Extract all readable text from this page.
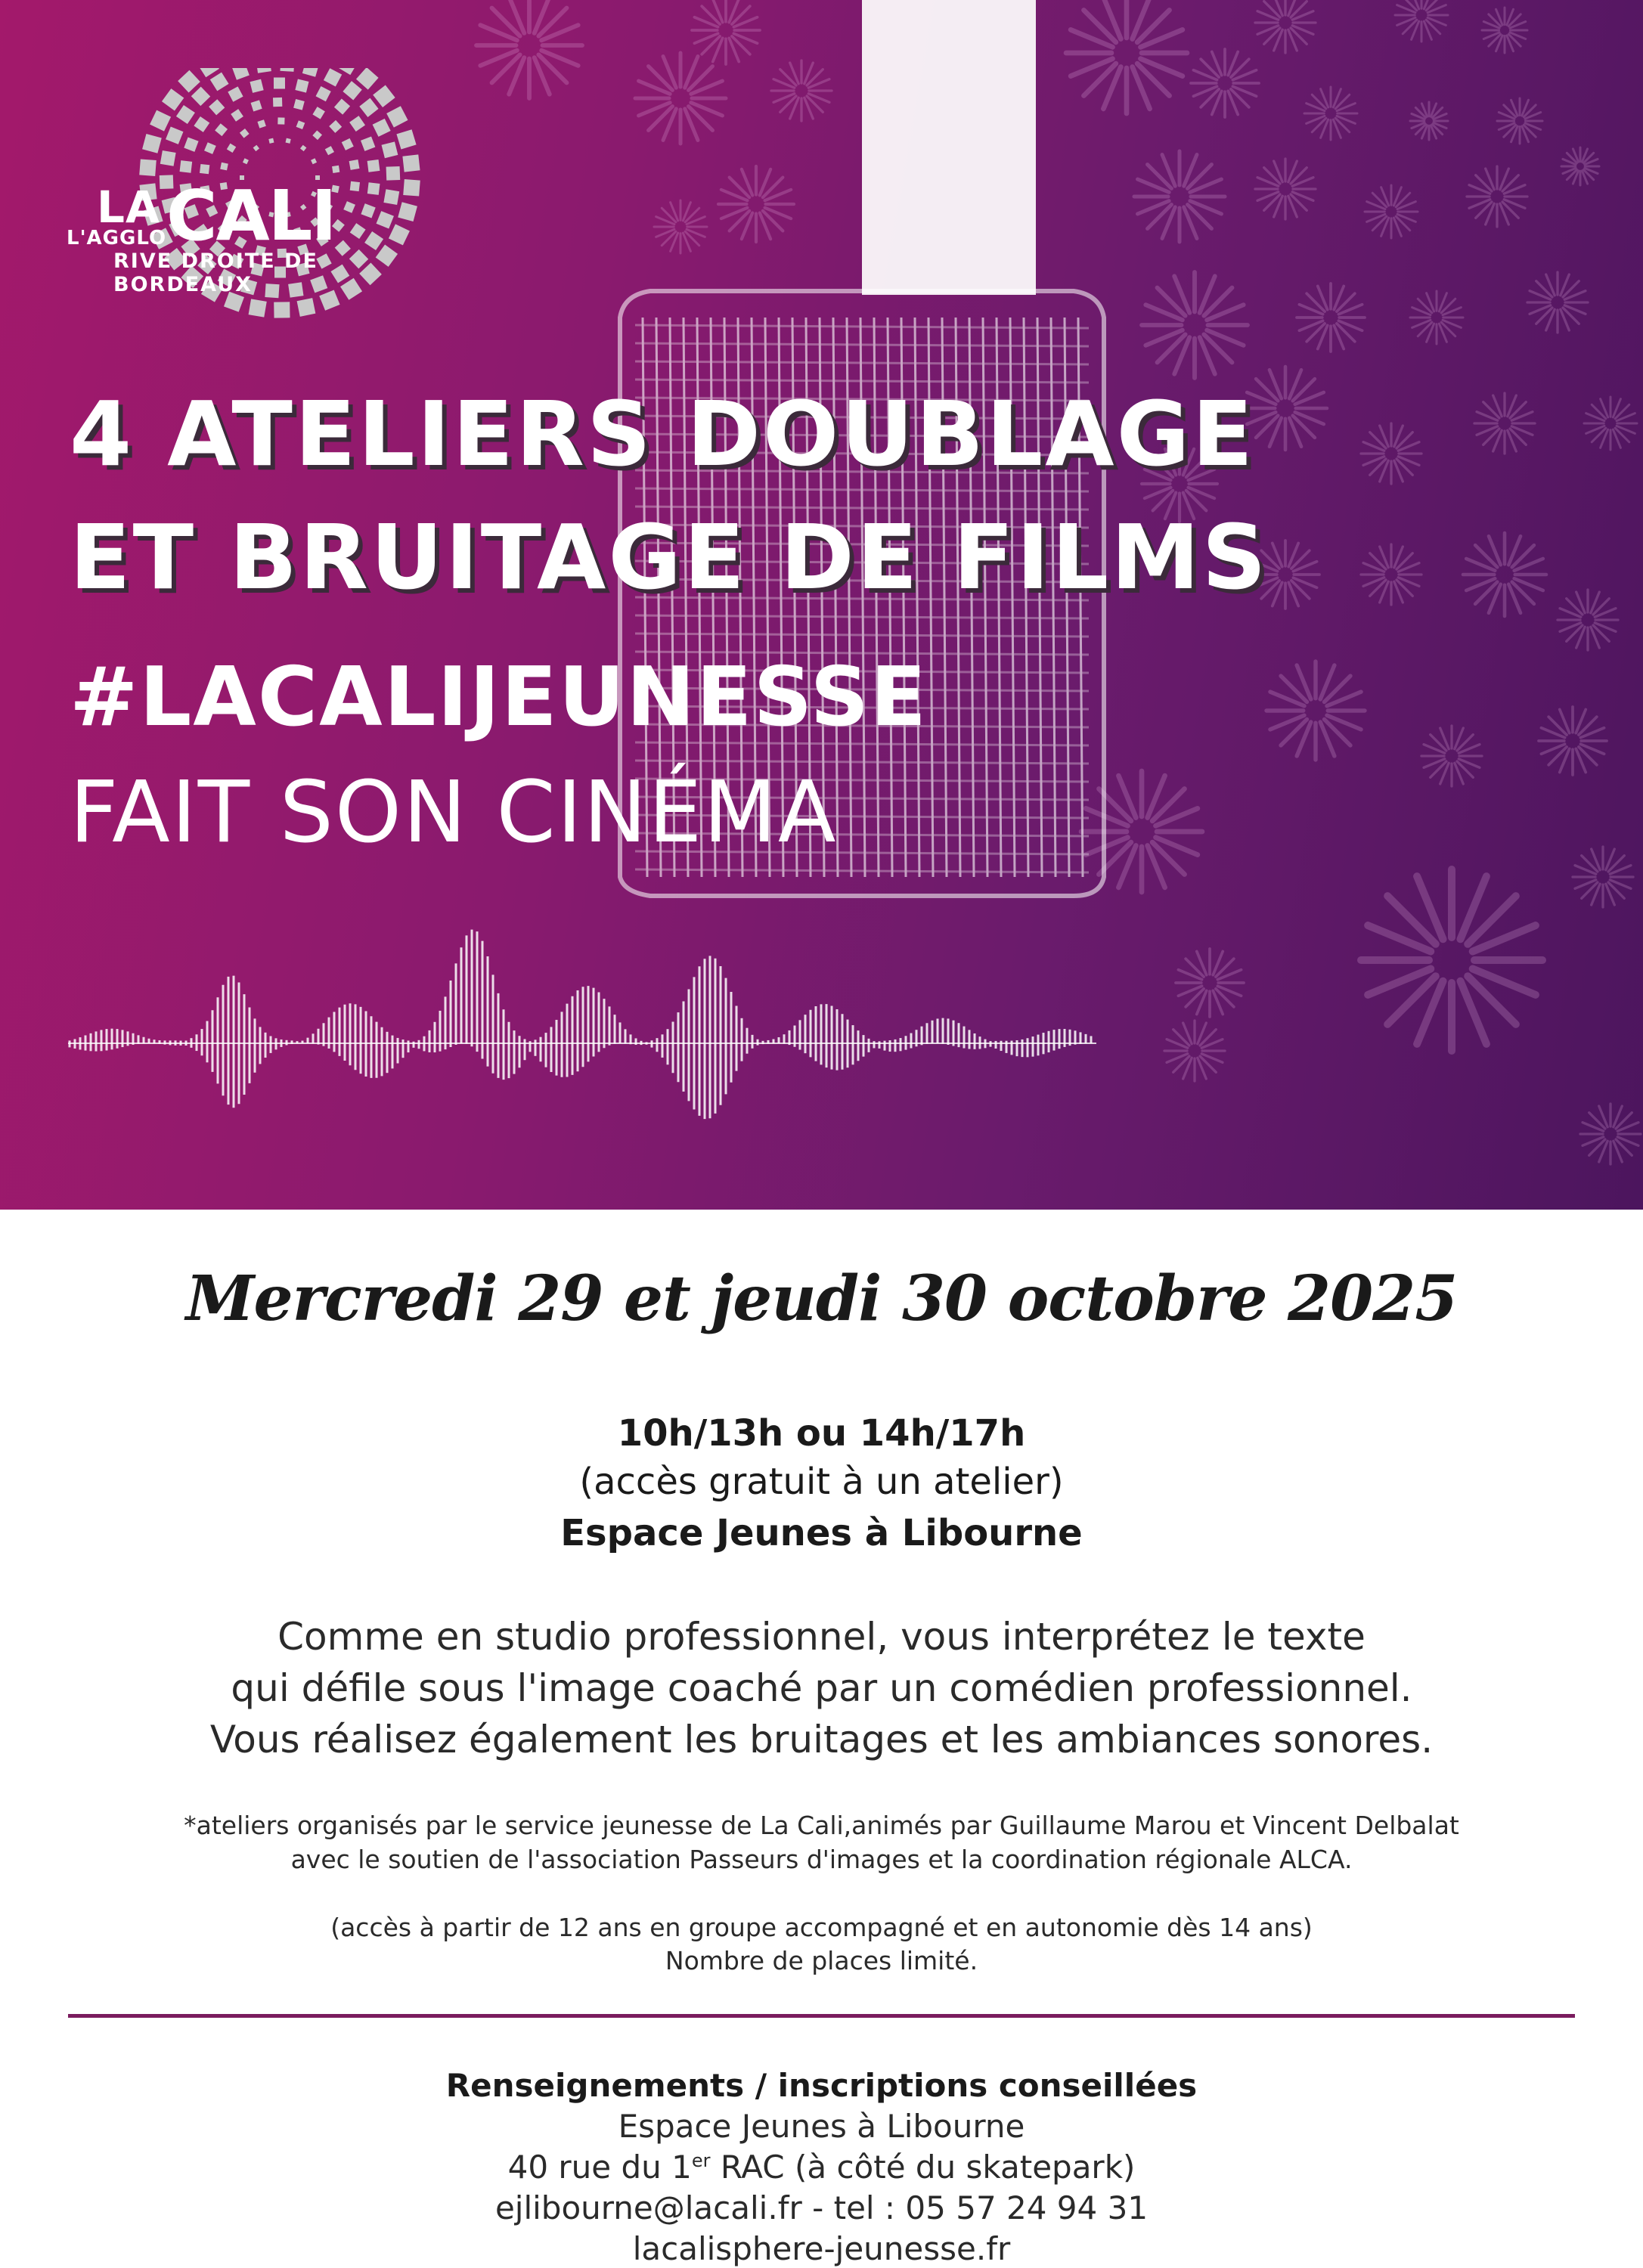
LA CALI
L'AGGLO
RIVE DROITE DE BORDEAUX
4 ATELIERS DOUBLAGE
ET BRUITAGE DE FILMS
#LACALIJEUNESSE
FAIT SON CINÉMA
Mercredi 29 et jeudi 30 octobre 2025
10h/13h ou 14h/17h
(accès gratuit à un atelier)
Espace Jeunes à Libourne
Comme en studio professionnel, vous interprétez le texte
qui défile sous l'image coaché par un comédien professionnel.
Vous réalisez également les bruitages et les ambiances sonores.
*ateliers organisés par le service jeunesse de La Cali,animés par Guillaume Marou et Vincent Delbalat
avec le soutien de l'association Passeurs d'images et la coordination régionale ALCA.
(accès à partir de 12 ans en groupe accompagné et en autonomie dès 14 ans)
Nombre de places limité.
Renseignements / inscriptions conseillées
Espace Jeunes à Libourne
40 rue du 1er RAC (à côté du skatepark)
ejlibourne@lacali.fr - tel : 05 57 24 94 31
lacalisphere-jeunesse.fr
